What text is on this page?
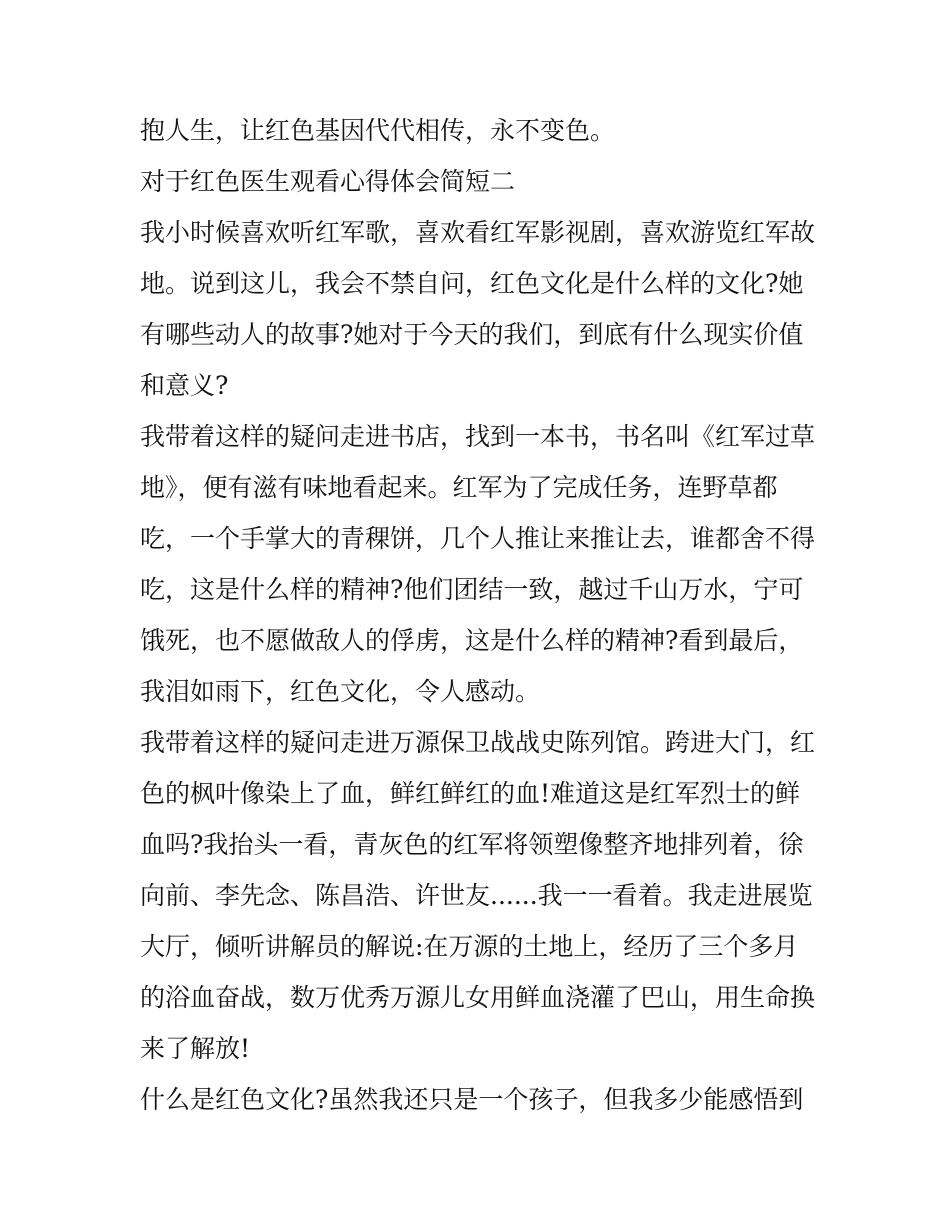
抱人生，让红色基因代代相传，永不变色。
对于红色医生观看心得体会简短二
我小时候喜欢听红军歌，喜欢看红军影视剧，喜欢游览红军故
地。说到这儿，我会不禁自问，红色文化是什么样的文化?她
有哪些动人的故事?她对于今天的我们，到底有什么现实价值
和意义?
我带着这样的疑问走进书店，找到一本书，书名叫《红军过草
地》，便有滋有味地看起来。红军为了完成任务，连野草都
吃，一个手掌大的青稞饼，几个人推让来推让去，谁都舍不得
吃，这是什么样的精神?他们团结一致，越过千山万水，宁可
饿死，也不愿做敌人的俘虏，这是什么样的精神?看到最后，
我泪如雨下，红色文化，令人感动。
我带着这样的疑问走进万源保卫战战史陈列馆。跨进大门，红
色的枫叶像染上了血，鲜红鲜红的血!难道这是红军烈士的鲜
血吗?我抬头一看，青灰色的红军将领塑像整齐地排列着，徐
向前、李先念、陈昌浩、许世友......我一一看着。我走进展览
大厅，倾听讲解员的解说:在万源的土地上，经历了三个多月
的浴血奋战，数万优秀万源儿女用鲜血浇灌了巴山，用生命换
来了解放!
什么是红色文化?虽然我还只是一个孩子，但我多少能感悟到
